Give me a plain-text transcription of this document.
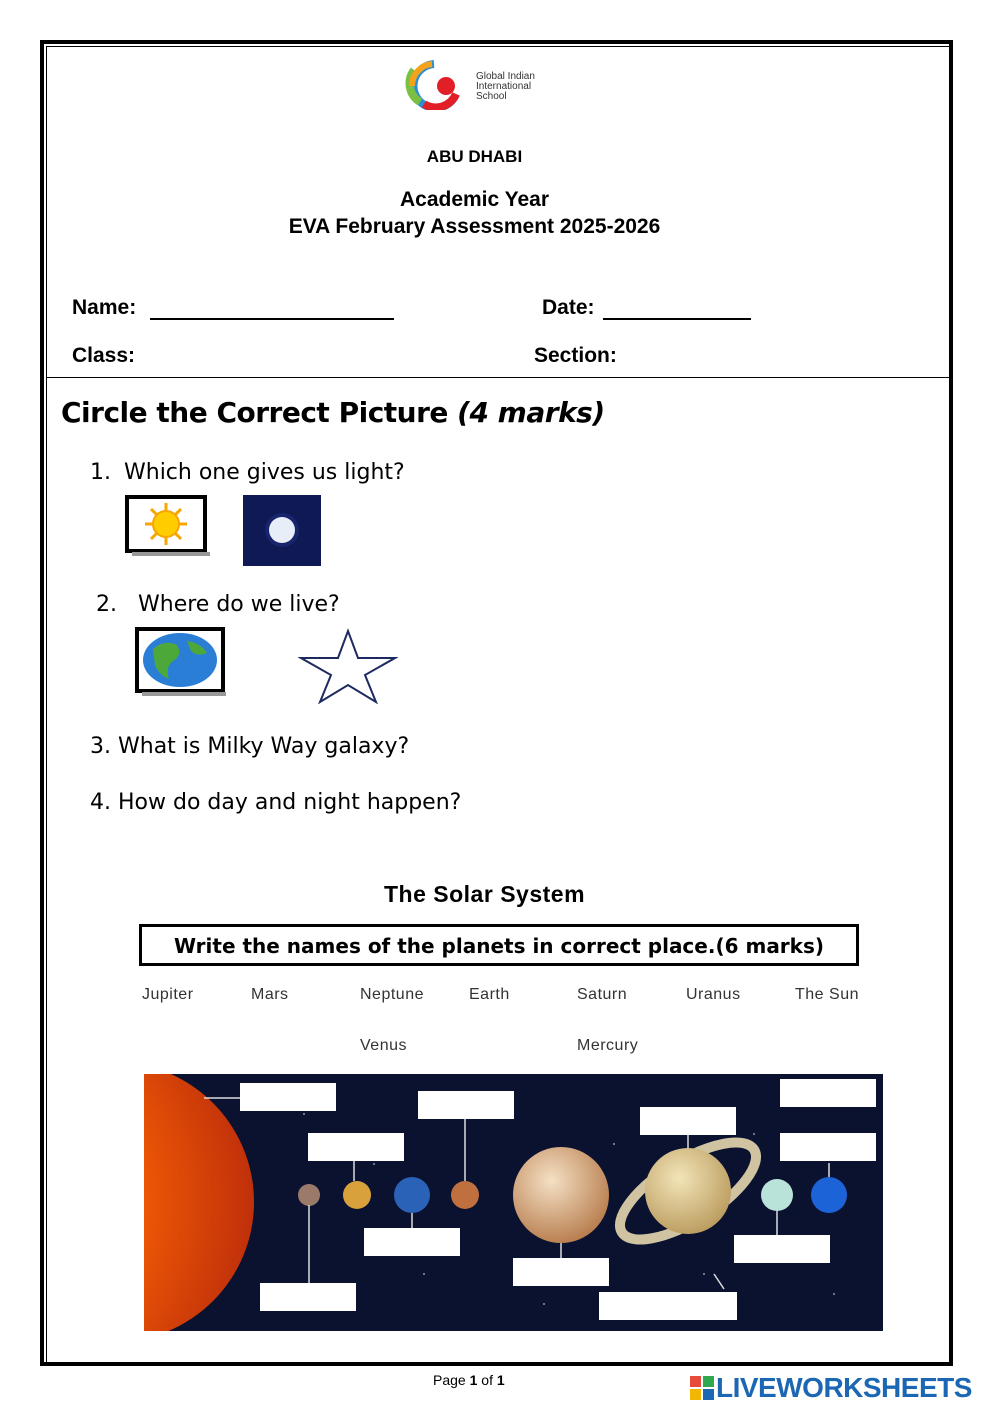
Global Indian
International
School
ABU DHABI
Academic Year
EVA February Assessment 2025-2026
Name:	Date:
Class:	Section:
Circle the Correct Picture (4 marks)
1. Which one gives us light?
2. Where do we live?
3. What is Milky Way galaxy?
4. How do day and night happen?
The Solar System
Write the names of the planets in correct place.(6 marks)
Jupiter	Mars	Neptune	Earth	Saturn	Uranus	The Sun
Venus	Mercury
Page 1 of 1	LIVEWORKSHEETS
